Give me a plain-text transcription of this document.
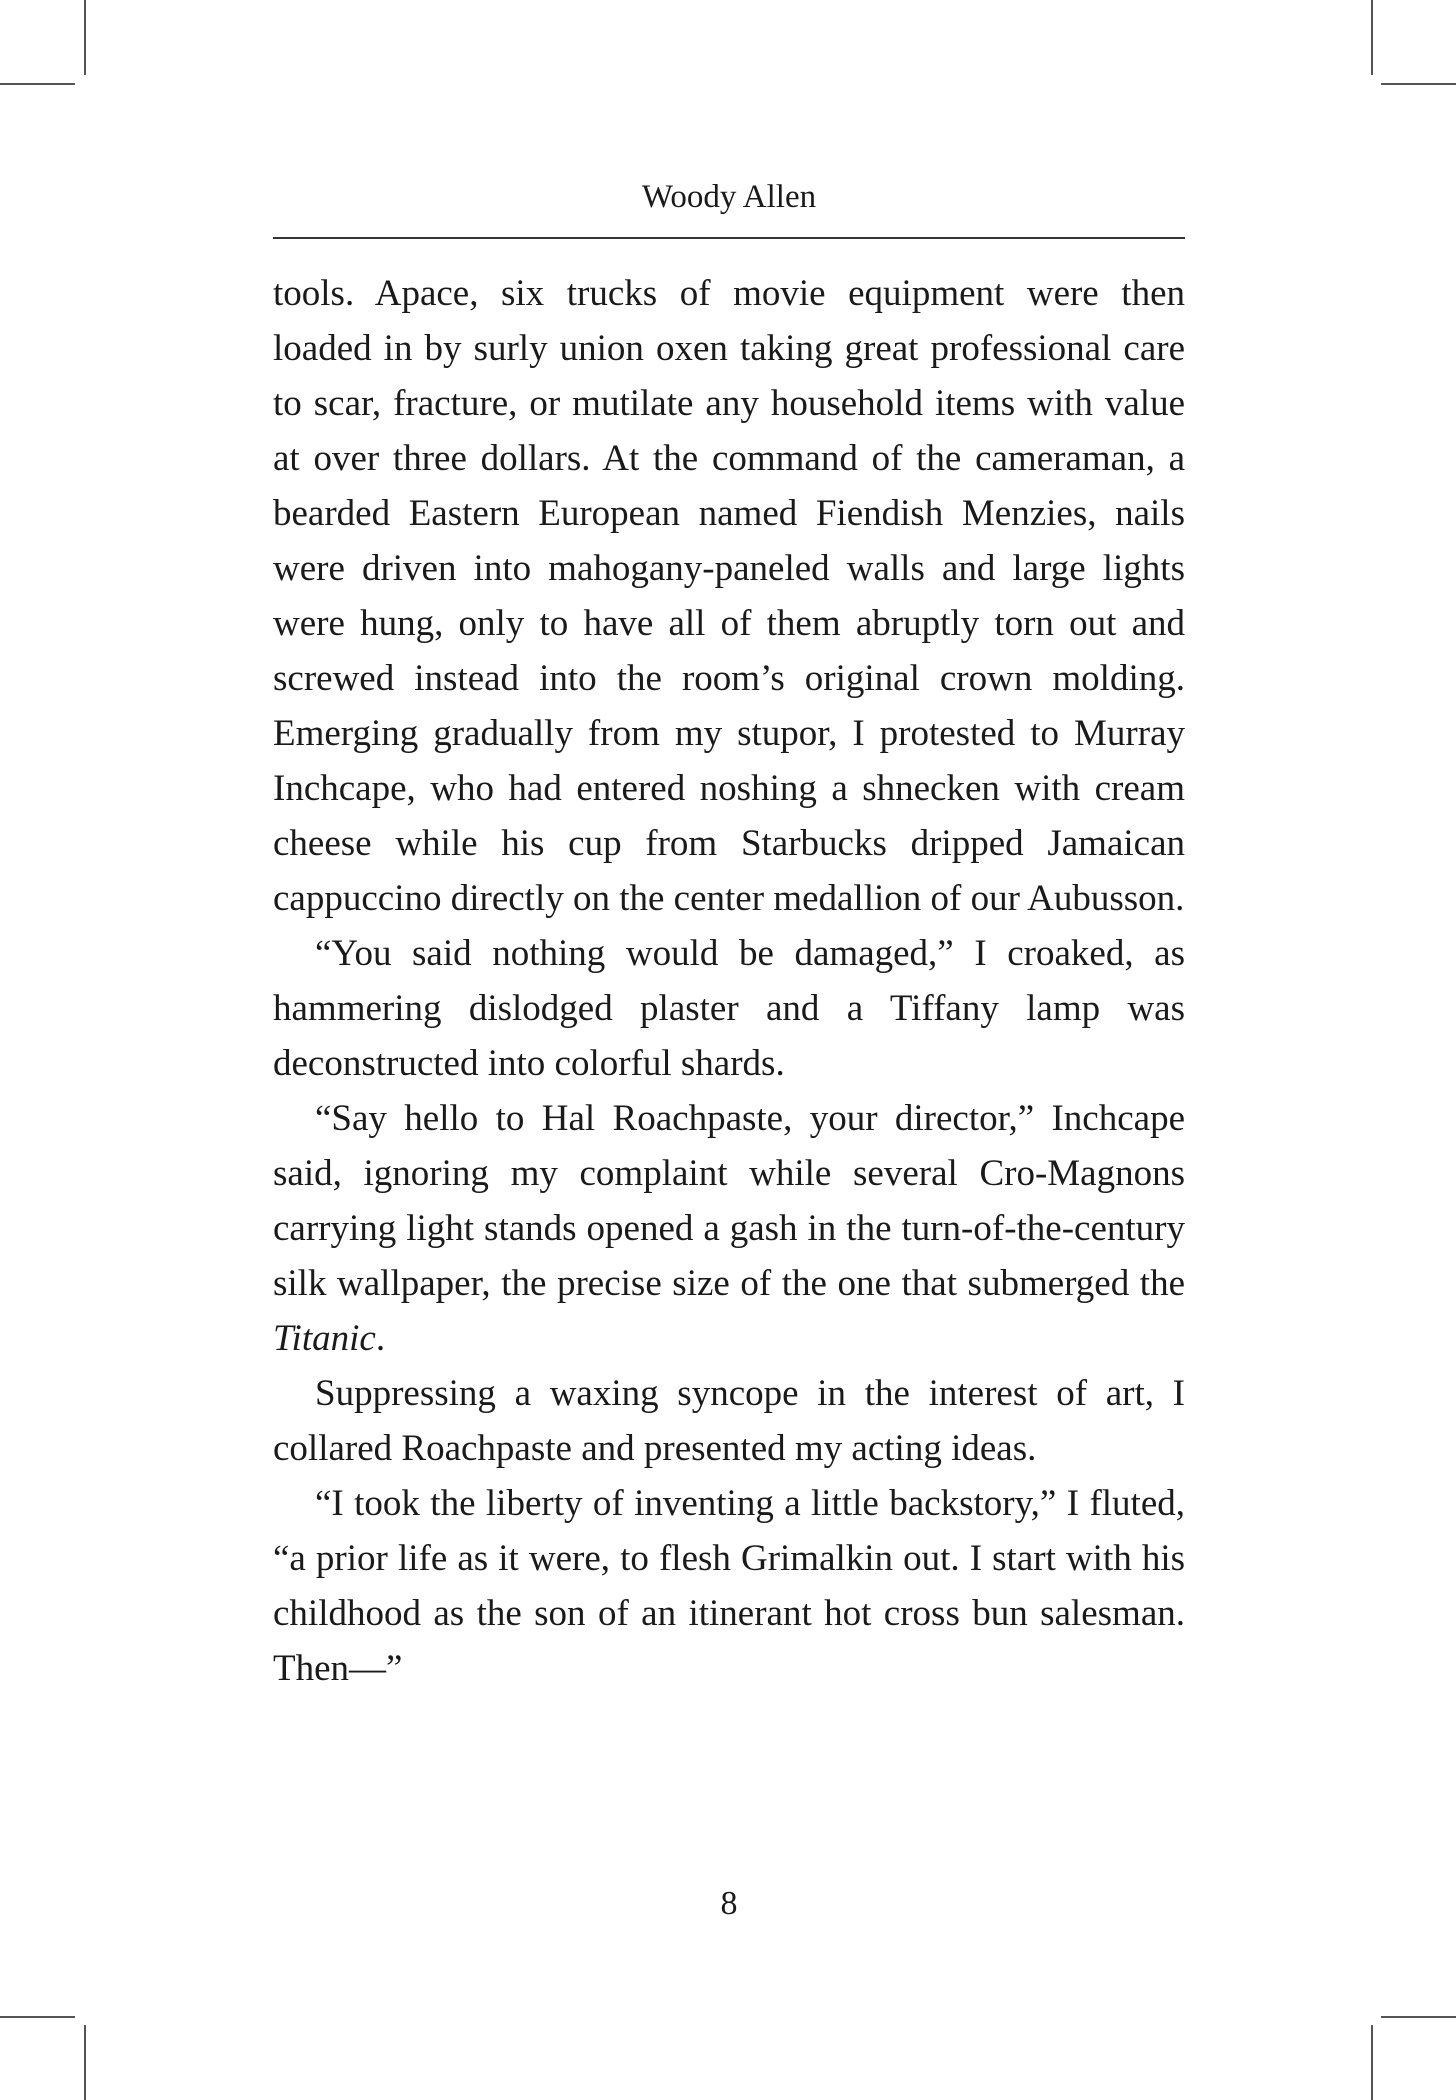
Woody Allen

tools. Apace, six trucks of movie equipment were then loaded in by surly union oxen taking great professional care to scar, fracture, or mutilate any household items with value at over three dollars. At the command of the cameraman, a bearded Eastern European named Fiendish Menzies, nails were driven into mahogany-paneled walls and large lights were hung, only to have all of them abruptly torn out and screwed instead into the room’s original crown molding. Emerging gradually from my stupor, I protested to Murray Inchcape, who had entered noshing a shnecken with cream cheese while his cup from Starbucks dripped Jamaican cappuccino directly on the center medallion of our Aubusson.

“You said nothing would be damaged,” I croaked, as hammering dislodged plaster and a Tiffany lamp was deconstructed into colorful shards.

“Say hello to Hal Roachpaste, your director,” Inchcape said, ignoring my complaint while several Cro-Magnons carrying light stands opened a gash in the turn-of-the-century silk wallpaper, the precise size of the one that submerged the Titanic.

Suppressing a waxing syncope in the interest of art, I collared Roachpaste and presented my acting ideas.

“I took the liberty of inventing a little backstory,” I fluted, “a prior life as it were, to flesh Grimalkin out. I start with his childhood as the son of an itinerant hot cross bun salesman. Then—”

8
